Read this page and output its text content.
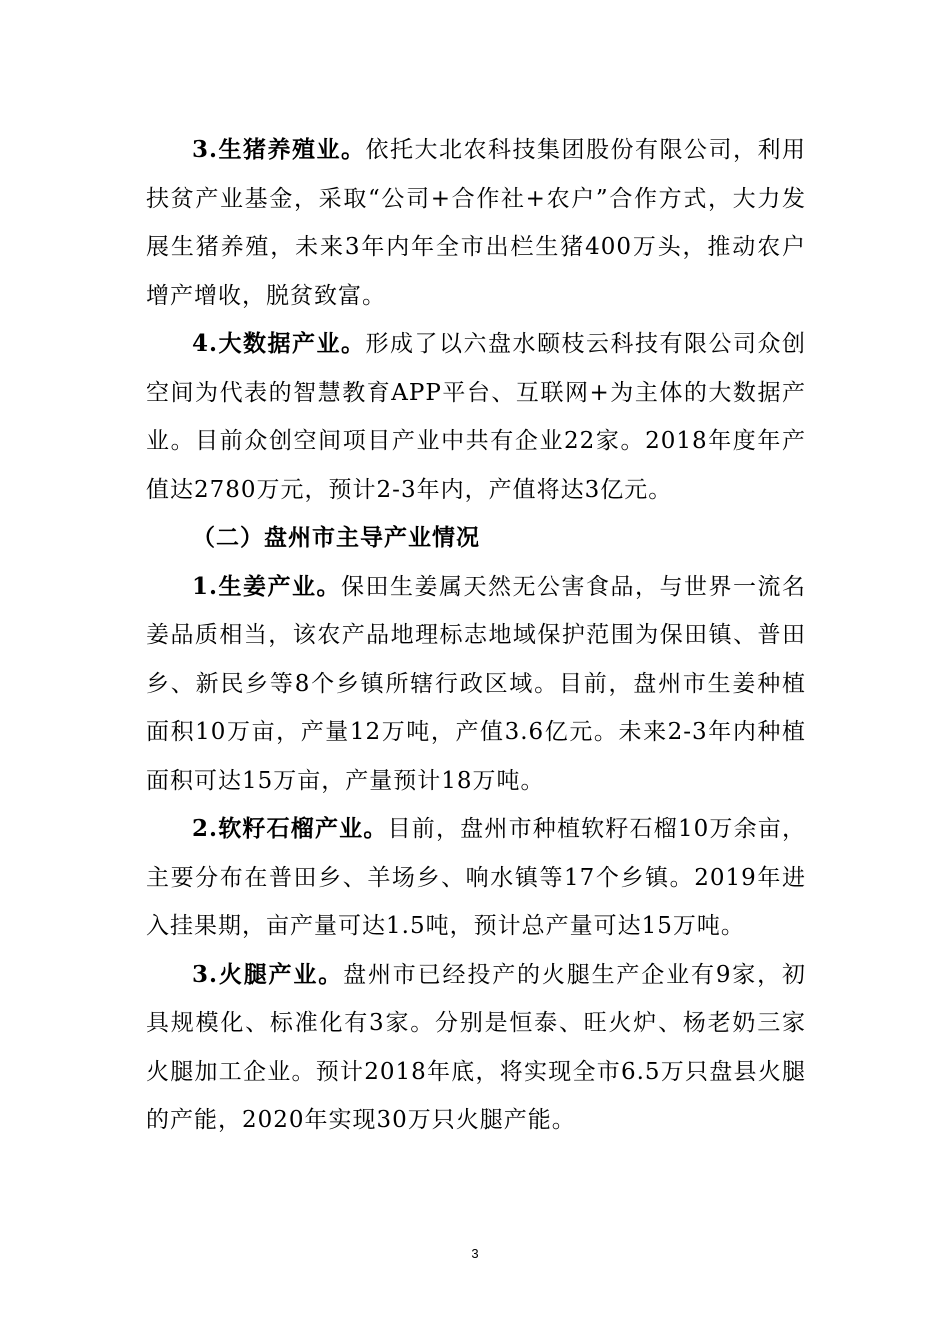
3.生猪养殖业。依托大北农科技集团股份有限公司，利用扶贫产业基金，采取“公司+合作社+农户”合作方式，大力发展生猪养殖，未来3年内年全市出栏生猪400万头，推动农户增产增收，脱贫致富。

4.大数据产业。形成了以六盘水颐枝云科技有限公司众创空间为代表的智慧教育APP平台、互联网+为主体的大数据产业。目前众创空间项目产业中共有企业22家。2018年度年产值达2780万元，预计2-3年内，产值将达3亿元。

（二）盘州市主导产业情况

1.生姜产业。保田生姜属天然无公害食品，与世界一流名姜品质相当，该农产品地理标志地域保护范围为保田镇、普田乡、新民乡等8个乡镇所辖行政区域。目前，盘州市生姜种植面积10万亩，产量12万吨，产值3.6亿元。未来2-3年内种植面积可达15万亩，产量预计18万吨。

2.软籽石榴产业。目前，盘州市种植软籽石榴10万余亩，主要分布在普田乡、羊场乡、响水镇等17个乡镇。2019年进入挂果期，亩产量可达1.5吨，预计总产量可达15万吨。

3.火腿产业。盘州市已经投产的火腿生产企业有9家，初具规模化、标准化有3家。分别是恒泰、旺火炉、杨老奶三家火腿加工企业。预计2018年底，将实现全市6.5万只盘县火腿的产能，2020年实现30万只火腿产能。

3
